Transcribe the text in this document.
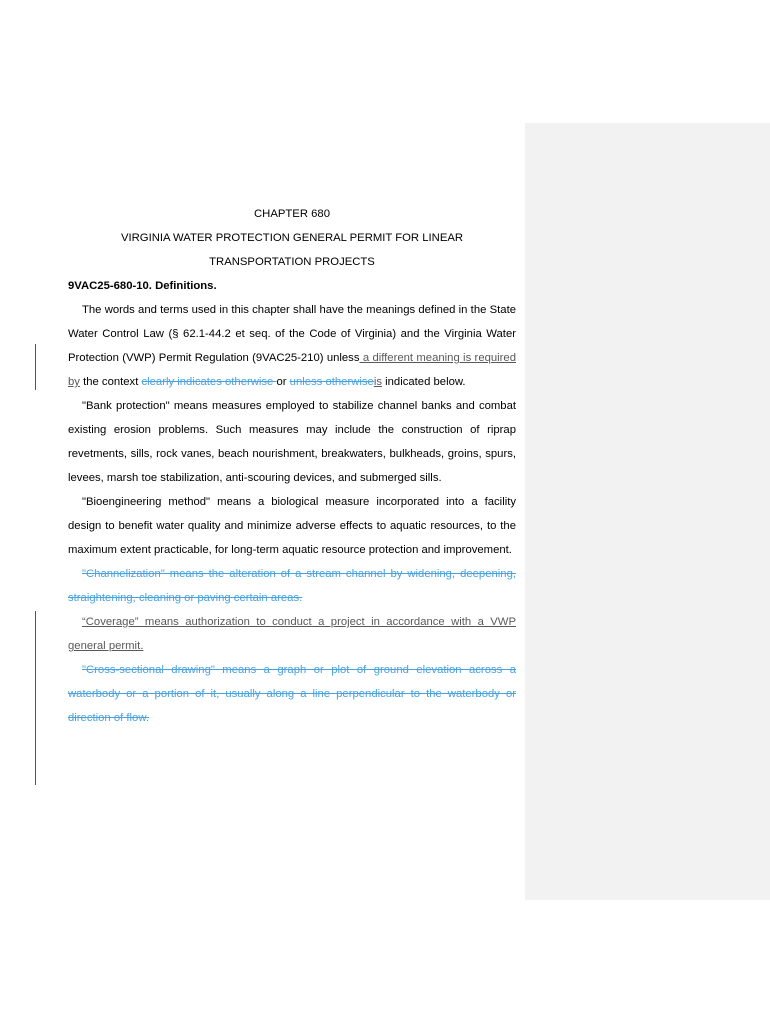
CHAPTER 680

VIRGINIA WATER PROTECTION GENERAL PERMIT FOR LINEAR

TRANSPORTATION PROJECTS

9VAC25-680-10. Definitions.

The words and terms used in this chapter shall have the meanings defined in the State Water Control Law (§ 62.1-44.2 et seq. of the Code of Virginia) and the Virginia Water Protection (VWP) Permit Regulation (9VAC25-210) unless a different meaning is required by the context clearly indicates otherwise or unless otherwiseis indicated below.

"Bank protection" means measures employed to stabilize channel banks and combat existing erosion problems. Such measures may include the construction of riprap revetments, sills, rock vanes, beach nourishment, breakwaters, bulkheads, groins, spurs, levees, marsh toe stabilization, anti-scouring devices, and submerged sills.

"Bioengineering method" means a biological measure incorporated into a facility design to benefit water quality and minimize adverse effects to aquatic resources, to the maximum extent practicable, for long-term aquatic resource protection and improvement.

"Channelization" means the alteration of a stream channel by widening, deepening, straightening, cleaning or paving certain areas.

“Coverage” means authorization to conduct a project in accordance with a VWP general permit.

"Cross-sectional drawing" means a graph or plot of ground elevation across a waterbody or a portion of it, usually along a line perpendicular to the waterbody or direction of flow.
